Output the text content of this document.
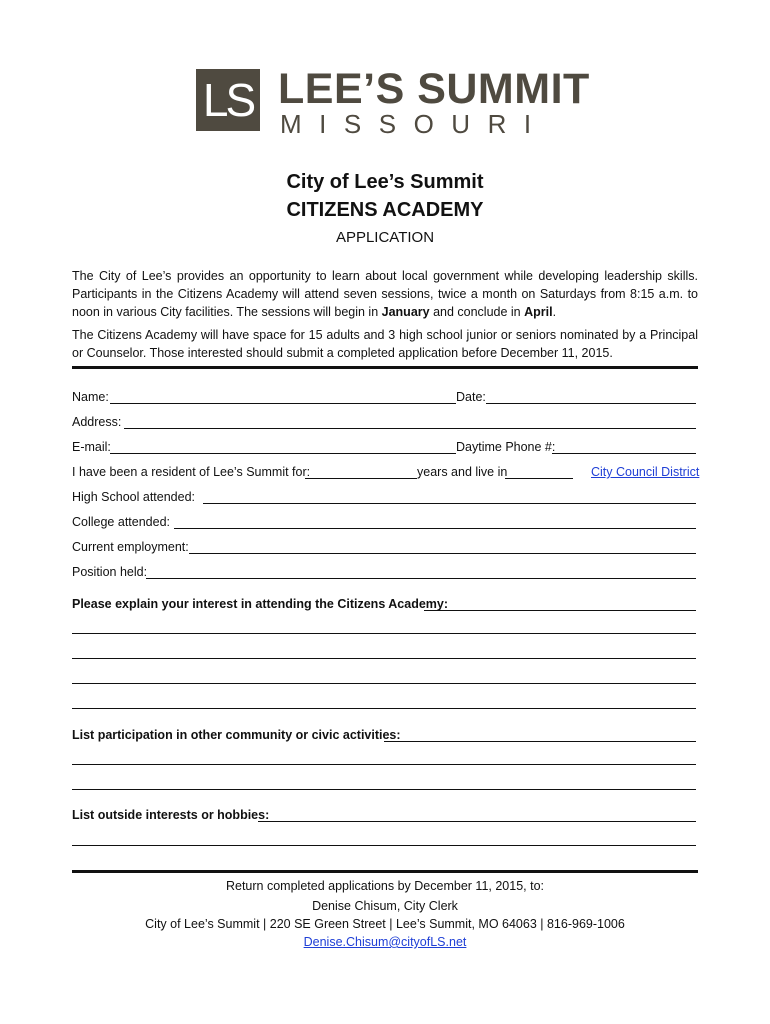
LS LEE’S SUMMIT
MISSOURI
City of Lee’s Summit
CITIZENS ACADEMY
APPLICATION
The City of Lee’s provides an opportunity to learn about local government while developing leadership skills. Participants in the Citizens Academy will attend seven sessions, twice a month on Saturdays from 8:15 a.m. to noon in various City facilities. The sessions will begin in January and conclude in April.
The Citizens Academy will have space for 15 adults and 3 high school junior or seniors nominated by a Principal or Counselor. Those interested should submit a completed application before December 11, 2015.
Name:	Date:
Address:
E-mail:	Daytime Phone #:
I have been a resident of Lee’s Summit for:	years and live in	City Council District
High School attended:
College attended:
Current employment:
Position held:
Please explain your interest in attending the Citizens Academy:
List participation in other community or civic activities:
List outside interests or hobbies:
Return completed applications by December 11, 2015, to:
Denise Chisum, City Clerk
City of Lee’s Summit | 220 SE Green Street | Lee’s Summit, MO 64063 | 816-969-1006
Denise.Chisum@cityofLS.net
